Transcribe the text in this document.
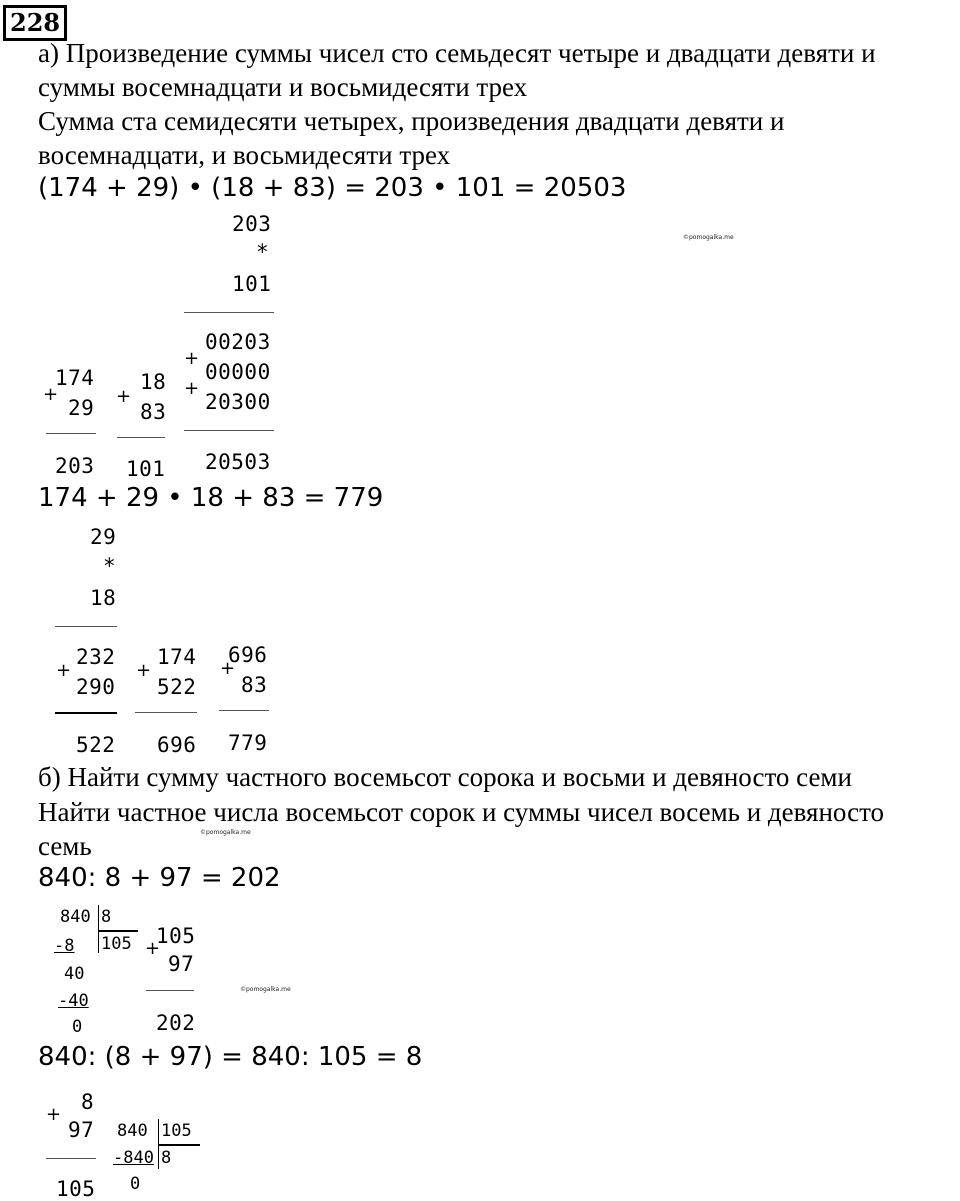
228
а) Произведение суммы чисел сто семьдесят четыре и двадцати девяти и
суммы восемнадцати и восьмидесяти трех
Сумма ста семидесяти четырех, произведения двадцати девяти и
восемнадцати, и восьмидесяти трех
(174 + 29) • (18 + 83) = 203 • 101 = 20503
203
*
101
+
+
00203
00000
20300
20503
174
+
29
203
18
+
83
101
174 + 29 • 18 + 83 = 779
29
*
18
232
+
290
522
174
+
522
696
696
+
83
779
б) Найти сумму частного восемьсот сорока и восьми и девяносто семи
Найти частное числа восемьсот сорок и суммы чисел восемь и девяносто
семь
840: 8 + 97 = 202
840 8
105
-8
40
-40
0
105
+
97
202
840: (8 + 97) = 840: 105 = 8
8
+
97
105
840 105
8
-840
0
©pomogalka.me
©pomogalka.me
©pomogalka.me
